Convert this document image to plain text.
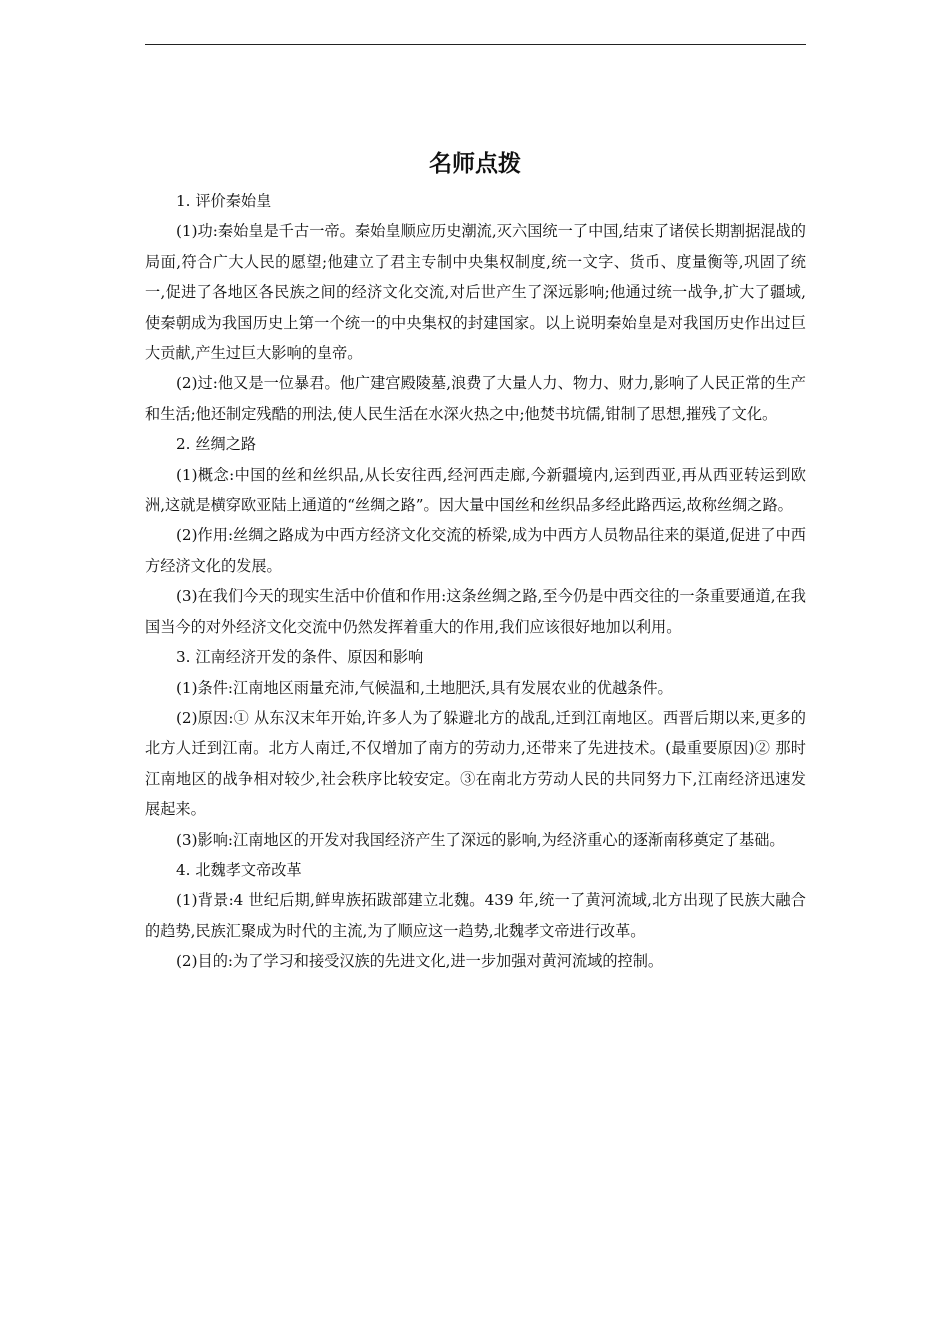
名师点拨

1. 评价秦始皇

(1)功:秦始皇是千古一帝。秦始皇顺应历史潮流,灭六国统一了中国,结束了诸侯长期割据混战的局面,符合广大人民的愿望;他建立了君主专制中央集权制度,统一文字、货币、度量衡等,巩固了统一,促进了各地区各民族之间的经济文化交流,对后世产生了深远影响;他通过统一战争,扩大了疆域,使秦朝成为我国历史上第一个统一的中央集权的封建国家。以上说明秦始皇是对我国历史作出过巨大贡献,产生过巨大影响的皇帝。

(2)过:他又是一位暴君。他广建宫殿陵墓,浪费了大量人力、物力、财力,影响了人民正常的生产和生活;他还制定残酷的刑法,使人民生活在水深火热之中;他焚书坑儒,钳制了思想,摧残了文化。

2. 丝绸之路

(1)概念:中国的丝和丝织品,从长安往西,经河西走廊,今新疆境内,运到西亚,再从西亚转运到欧洲,这就是横穿欧亚陆上通道的“丝绸之路”。因大量中国丝和丝织品多经此路西运,故称丝绸之路。

(2)作用:丝绸之路成为中西方经济文化交流的桥梁,成为中西方人员物品往来的渠道,促进了中西方经济文化的发展。

(3)在我们今天的现实生活中价值和作用:这条丝绸之路,至今仍是中西交往的一条重要通道,在我国当今的对外经济文化交流中仍然发挥着重大的作用,我们应该很好地加以利用。

3. 江南经济开发的条件、原因和影响

(1)条件:江南地区雨量充沛,气候温和,土地肥沃,具有发展农业的优越条件。

(2)原因:① 从东汉末年开始,许多人为了躲避北方的战乱,迁到江南地区。西晋后期以来,更多的北方人迁到江南。北方人南迁,不仅增加了南方的劳动力,还带来了先进技术。(最重要原因)② 那时江南地区的战争相对较少,社会秩序比较安定。③在南北方劳动人民的共同努力下,江南经济迅速发展起来。

(3)影响:江南地区的开发对我国经济产生了深远的影响,为经济重心的逐渐南移奠定了基础。

4. 北魏孝文帝改革

(1)背景:4 世纪后期,鲜卑族拓跋部建立北魏。439 年,统一了黄河流域,北方出现了民族大融合的趋势,民族汇聚成为时代的主流,为了顺应这一趋势,北魏孝文帝进行改革。

(2)目的:为了学习和接受汉族的先进文化,进一步加强对黄河流域的控制。
